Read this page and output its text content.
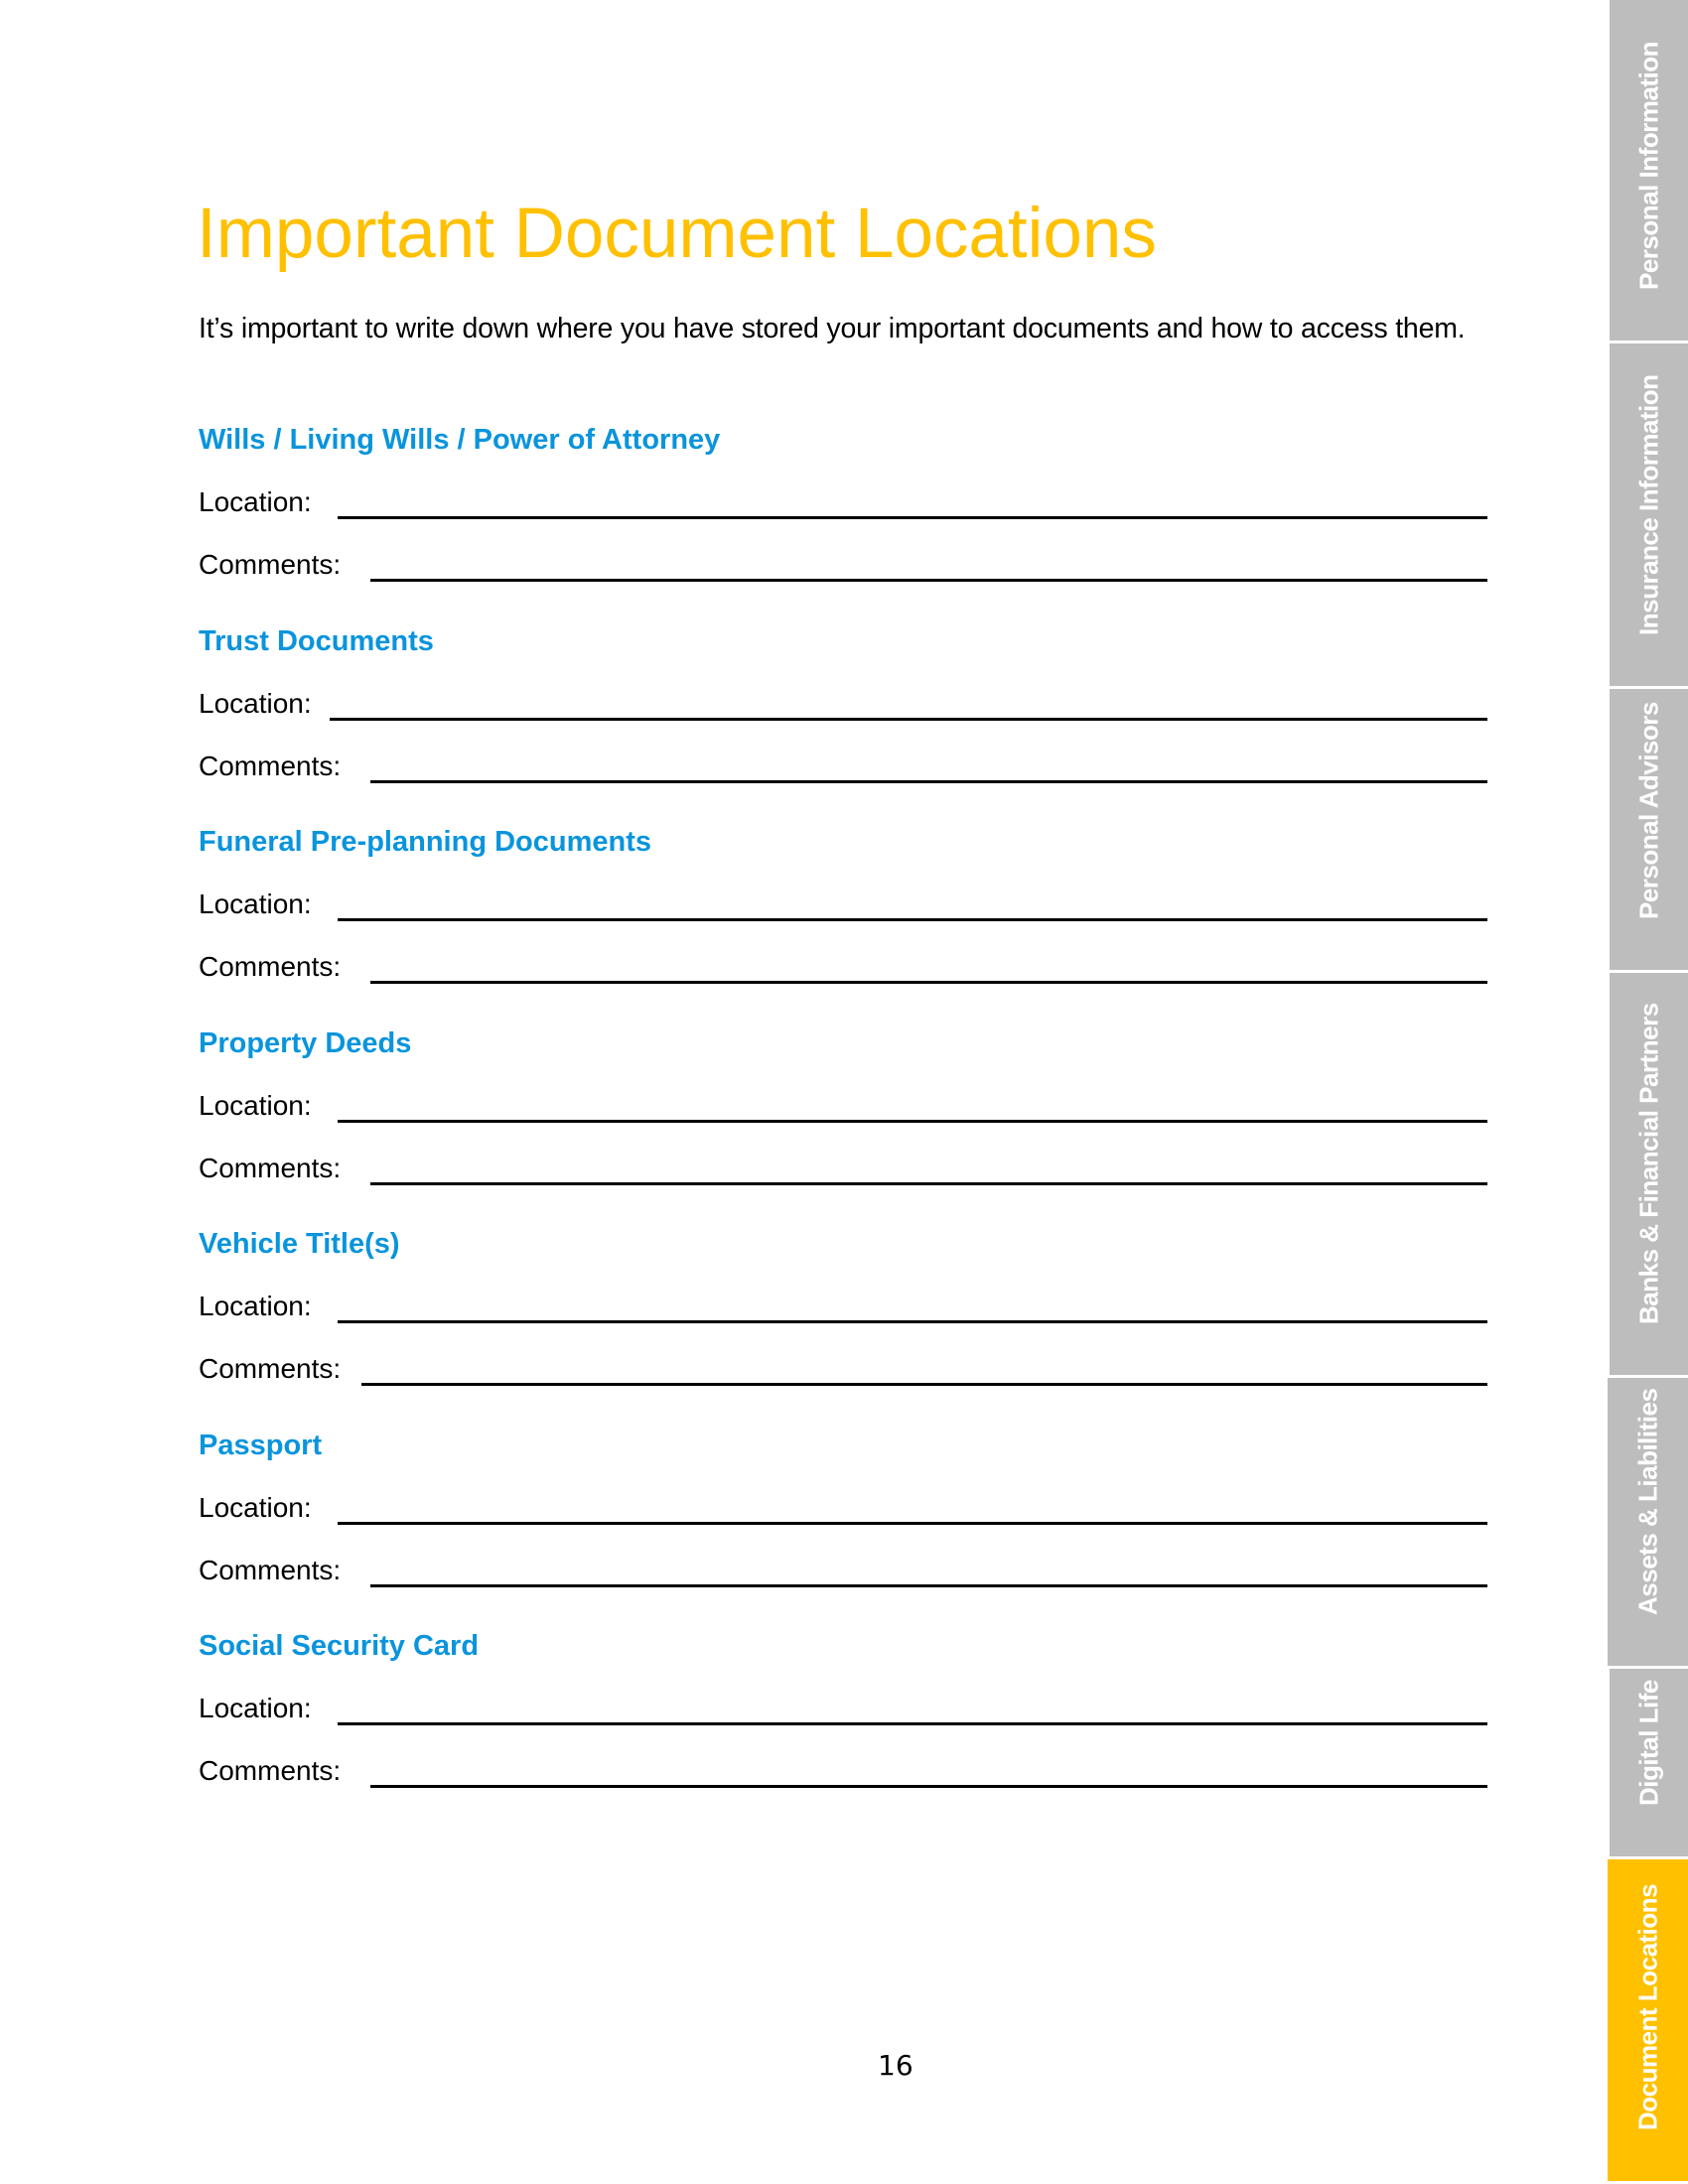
Important Document Locations
It’s important to write down where you have stored your important documents and how to access them.
Wills / Living Wills / Power of Attorney
Location:
Comments:
Trust Documents
Location:
Comments:
Funeral Pre-planning Documents
Location:
Comments:
Property Deeds
Location:
Comments:
Vehicle Title(s)
Location:
Comments:
Passport
Location:
Comments:
Social Security Card
Location:
Comments:
16
Personal Information
Insurance Information
Personal Advisors
Banks & Financial Partners
Assets & Liabilities
Digital Life
Document Locations
